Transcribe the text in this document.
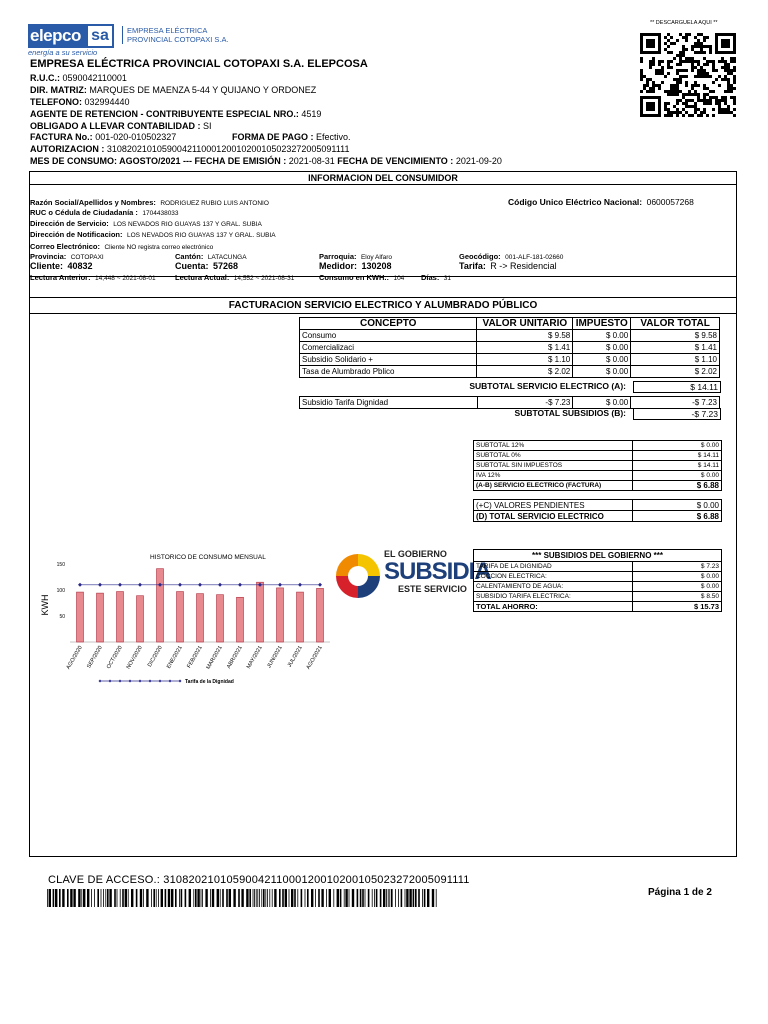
elepco sa
energía a su servicio
EMPRESA ELÉCTRICA
PROVINCIAL COTOPAXI S.A.
** DESCARGUELA AQUI **
EMPRESA ELÉCTRICA PROVINCIAL COTOPAXI S.A. ELEPCOSA
R.U.C.: 0590042110001
DIR. MATRIZ: MARQUES DE MAENZA 5-44 Y QUIJANO Y ORDONEZ
TELEFONO: 032994440
AGENTE DE RETENCION - CONTRIBUYENTE ESPECIAL NRO.: 4519
OBLIGADO A LLEVAR CONTABILIDAD : SI
FACTURA No.: 001-020-010502327	FORMA DE PAGO : Efectivo.
AUTORIZACION : 3108202101059004211000120010200105023272005091111
MES DE CONSUMO: AGOSTO/2021 --- FECHA DE EMISIÓN : 2021-08-31 FECHA DE VENCIMIENTO : 2021-09-20
INFORMACION DEL CONSUMIDOR
Razón Social/Apellidos y Nombres: RODRIGUEZ RUBIO LUIS ANTONIO	Código Unico Eléctrico Nacional: 0600057268
RUC o Cédula de Ciudadanía : 1704438033
Dirección de Servicio: LOS NEVADOS RIO GUAYAS 137 Y GRAL. SUBIA
Dirección de Notificacion: LOS NEVADOS RIO GUAYAS 137 Y GRAL. SUBIA
Correo Electrónico: Cliente NO registra correo electrónico
Provincia: COTOPAXI	Cantón: LATACUNGA	Parroquia: Eloy Alfaro	Geocódigo: 001-ALF-181-02660
Cliente: 40832	Cuenta: 57268	Medidor: 130208	Tarifa: R -> Residencial
Lectura Anterior: 14,448 ~ 2021-08-01	Lectura Actual: 14,552 ~ 2021-08-31	Consumo en KWH.: 104 Días: 31
FACTURACION SERVICIO ELECTRICO Y ALUMBRADO PÚBLICO
CONCEPTO	VALOR UNITARIO	IMPUESTO	VALOR TOTAL
Consumo	$ 9.58	$ 0.00	$ 9.58
Comercializaci	$ 1.41	$ 0.00	$ 1.41
Subsidio Solidario +	$ 1.10	$ 0.00	$ 1.10
Tasa de Alumbrado Pblico	$ 2.02	$ 0.00	$ 2.02
SUBTOTAL SERVICIO ELECTRICO (A):	$ 14.11
Subsidio Tarifa Dignidad	-$ 7.23	$ 0.00	-$ 7.23
SUBTOTAL SUBSIDIOS (B):	-$ 7.23
SUBTOTAL 12%	$ 0.00
SUBTOTAL 0%	$ 14.11
SUBTOTAL SIN IMPUESTOS	$ 14.11
IVA 12%	$ 0.00
(A-B) SERVICIO ELECTRICO (FACTURA)	$ 6.88
(+C) VALORES PENDIENTES	$ 0.00
(D) TOTAL SERVICIO ELECTRICO	$ 6.88
HISTORICO DE CONSUMO MENSUAL
KWH
50
100
150
AGO/2020 SEP/2020 OCT/2020 NOV/2020 DIC/2020 ENE/2021 FEB/2021 MAR/2021 ABR/2021 MAY/2021 JUN/2021 JUL/2021 AGO/2021
Tarifa de la Dignidad
EL GOBIERNO
SUBSIDIA
ESTE SERVICIO
*** SUBSIDIOS DEL GOBIERNO ***	
TARIFA DE LA DIGNIDAD	$ 7.23
COCCION ELECTRICA:	$ 0.00
CALENTAMIENTO DE AGUA:	$ 0.00
SUBSIDIO TARIFA ELECTRICA:	$ 8.50
TOTAL AHORRO:	$ 15.73
CLAVE DE ACCESO.: 3108202101059004211000120010200105023272005091111
Página 1 de 2
